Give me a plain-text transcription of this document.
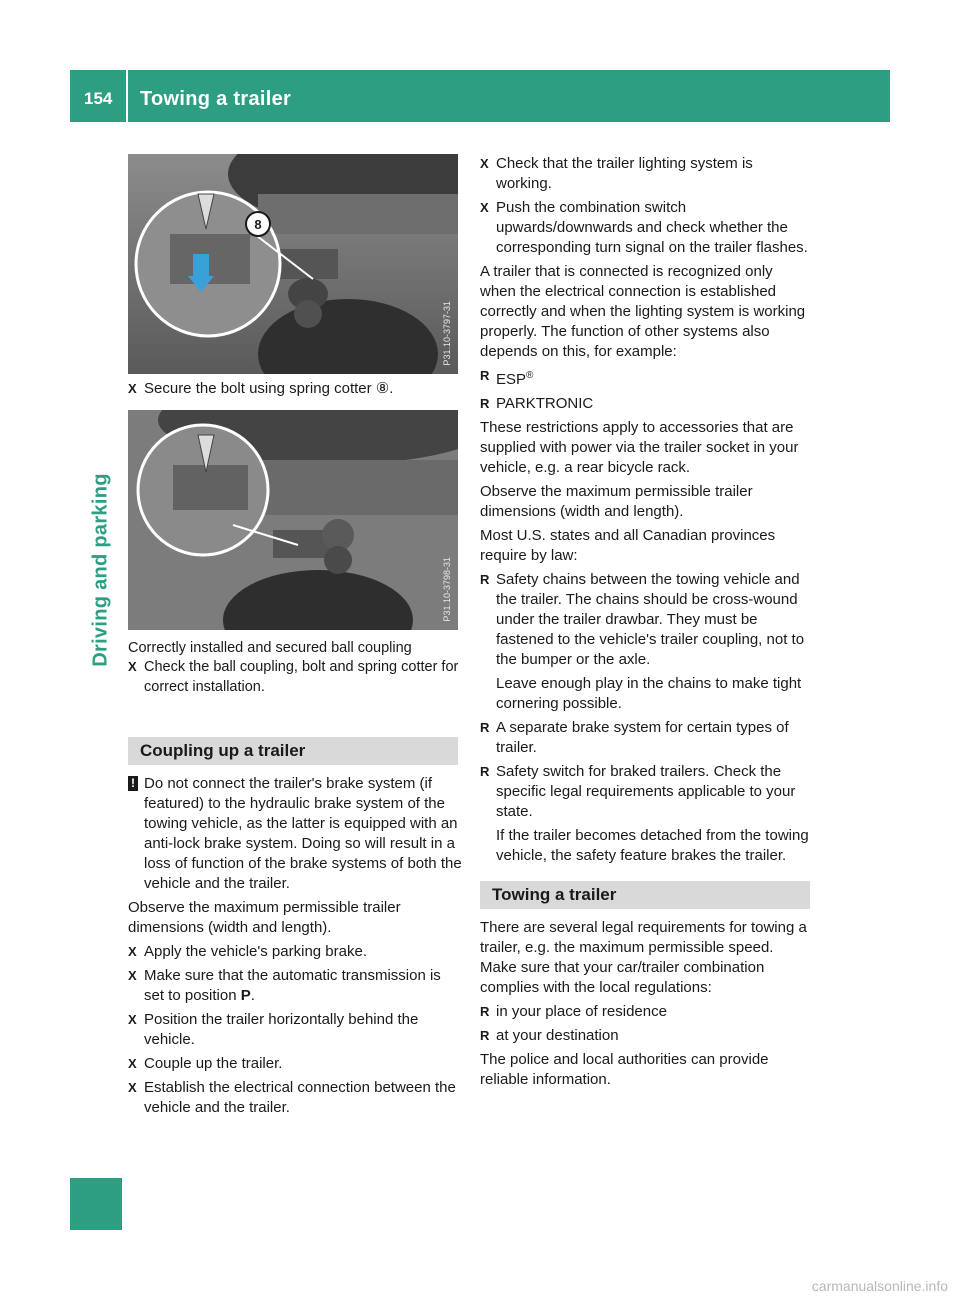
154 Towing a trailer
Driving and parking
8
P31.10-3797-31
X Secure the bolt using spring cotter ⑧.
P31.10-3798-31
Correctly installed and secured ball coupling
X Check the ball coupling, bolt and spring cotter for correct installation.
Coupling up a trailer
! Do not connect the trailer's brake system (if featured) to the hydraulic brake system of the towing vehicle, as the latter is equipped with an anti-lock brake system. Doing so will result in a loss of function of the brake systems of both the vehicle and the trailer.

Observe the maximum permissible trailer dimensions (width and length).

X Apply the vehicle's parking brake.
X Make sure that the automatic transmission is set to position P.
X Position the trailer horizontally behind the vehicle.
X Couple up the trailer.
X Establish the electrical connection between the vehicle and the trailer.
X Check that the trailer lighting system is working.
X Push the combination switch upwards/downwards and check whether the corresponding turn signal on the trailer flashes.

A trailer that is connected is recognized only when the electrical connection is established correctly and when the lighting system is working properly. The function of other systems also depends on this, for example:

R ESP®
R PARKTRONIC

These restrictions apply to accessories that are supplied with power via the trailer socket in your vehicle, e.g. a rear bicycle rack.

Observe the maximum permissible trailer dimensions (width and length).

Most U.S. states and all Canadian provinces require by law:

R Safety chains between the towing vehicle and the trailer. The chains should be cross-wound under the trailer drawbar. They must be fastened to the vehicle's trailer coupling, not to the bumper or the axle.
Leave enough play in the chains to make tight cornering possible.
R A separate brake system for certain types of trailer.
R Safety switch for braked trailers. Check the specific legal requirements applicable to your state.
If the trailer becomes detached from the towing vehicle, the safety feature brakes the trailer.
Towing a trailer

There are several legal requirements for towing a trailer, e.g. the maximum permissible speed. Make sure that your car/trailer combination complies with the local regulations:

R in your place of residence
R at your destination

The police and local authorities can provide reliable information.

carmanualsonline.info
